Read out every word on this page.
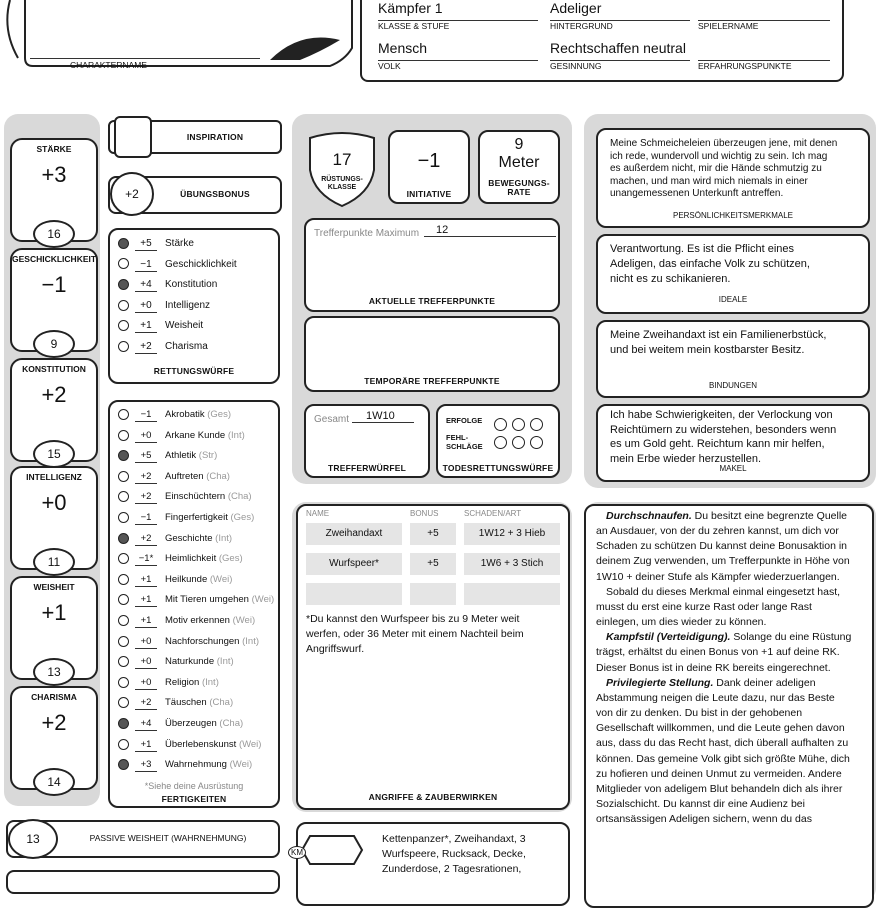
CHARAKTERNAME
Kämpfer 1
KLASSE & STUFE
Adeliger
HINTERGRUND	SPIELERNAME
Mensch
VOLK
Rechtschaffen neutral
GESINNUNG	ERFAHRUNGSPUNKTE
STÄRKE
+3
16
GESCHICKLICHKEIT
−1
9
KONSTITUTION
+2
15
INTELLIGENZ
+0
11
WEISHEIT
+1
13
CHARISMA
+2
14
INSPIRATION
+2	ÜBUNGSBONUS
+5 Stärke
−1 Geschicklichkeit
+4 Konstitution
+0 Intelligenz
+1 Weisheit
+2 Charisma
RETTUNGSWÜRFE
−1 Akrobatik (Ges)
+0 Arkane Kunde (Int)
+5 Athletik (Str)
+2 Auftreten (Cha)
+2 Einschüchtern (Cha)
−1 Fingerfertigkeit (Ges)
+2 Geschichte (Int)
−1* Heimlichkeit (Ges)
+1 Heilkunde (Wei)
+1 Mit Tieren umgehen (Wei)
+1 Motiv erkennen (Wei)
+0 Nachforschungen (Int)
+0 Naturkunde (Int)
+0 Religion (Int)
+2 Täuschen (Cha)
+4 Überzeugen (Cha)
+1 Überlebenskunst (Wei)
+3 Wahrnehmung (Wei)
*Siehe deine Ausrüstung
FERTIGKEITEN
13	PASSIVE WEISHEIT (WAHRNEHMUNG)
17
RÜSTUNGS-
KLASSE
−1
INITIATIVE
9
Meter
BEWEGUNGS-
RATE
Trefferpunkte Maximum	12
AKTUELLE TREFFERPUNKTE
TEMPORÄRE TREFFERPUNKTE
Gesamt	1W10
TREFFERWÜRFEL
ERFOLGE
FEHL-
SCHLÄGE
TODESRETTUNGSWÜRFE
NAME	BONUS	SCHADEN/ART
Zweihandaxt	+5	1W12 + 3 Hieb
Wurfspeer*	+5	1W6 + 3 Stich
*Du kannst den Wurfspeer bis zu 9 Meter weit werfen, oder 36 Meter mit einem Nachteil beim Angriffswurf.
ANGRIFFE & ZAUBERWIRKEN
KM
Kettenpanzer*, Zweihandaxt, 3 Wurfspeere, Rucksack, Decke, Zunderdose, 2 Tagesrationen,
Meine Schmeicheleien überzeugen jene, mit denen ich rede, wundervoll und wichtig zu sein. Ich mag es außerdem nicht, mir die Hände schmutzig zu machen, und man wird mich niemals in einer unangemessenen Unterkunft antreffen.
PERSÖNLICHKEITSMERKMALE
Verantwortung. Es ist die Pflicht eines Adeligen, das einfache Volk zu schützen, nicht es zu schikanieren.
IDEALE
Meine Zweihandaxt ist ein Familienerbstück, und bei weitem mein kostbarster Besitz.
BINDUNGEN
Ich habe Schwierigkeiten, der Verlockung von Reichtümern zu widerstehen, besonders wenn es um Gold geht. Reichtum kann mir helfen, mein Erbe wieder herzustellen.
MAKEL
Durchschnaufen. Du besitzt eine begrenzte Quelle an Ausdauer, von der du zehren kannst, um dich vor Schaden zu schützen Du kannst deine Bonusaktion in deinem Zug verwenden, um Trefferpunkte in Höhe von 1W10 + deiner Stufe als Kämpfer wiederzuerlangen.
Sobald du dieses Merkmal einmal eingesetzt hast, musst du erst eine kurze Rast oder lange Rast einlegen, um dies wieder zu können.
Kampfstil (Verteidigung). Solange du eine Rüstung trägst, erhältst du einen Bonus von +1 auf deine RK. Dieser Bonus ist in deine RK bereits eingerechnet.
Privilegierte Stellung. Dank deiner adeligen Abstammung neigen die Leute dazu, nur das Beste von dir zu denken. Du bist in der gehobenen Gesellschaft willkommen, und die Leute gehen davon aus, dass du das Recht hast, dich überall aufhalten zu können. Das gemeine Volk gibt sich größte Mühe, dich zu hofieren und deinen Unmut zu vermeiden. Andere Mitglieder von adeligem Blut behandeln dich als ihrer Sozialschicht. Du kannst dir eine Audienz bei ortsansässigen Adeligen sichern, wenn du das
